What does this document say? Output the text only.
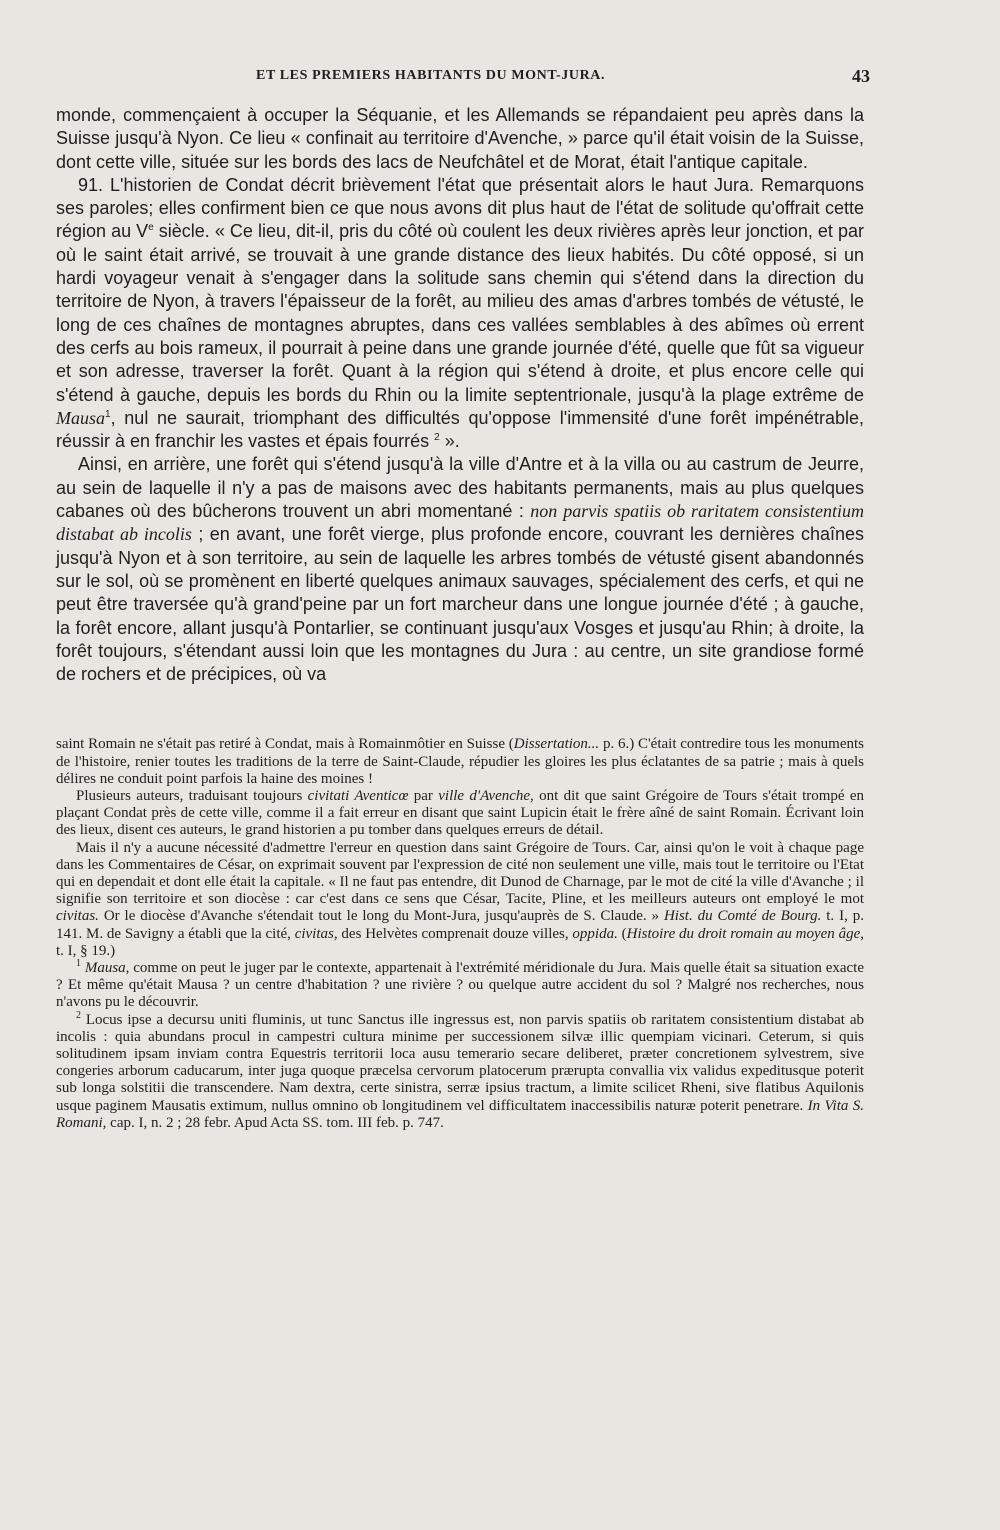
ET LES PREMIERS HABITANTS DU MONT-JURA.	43

monde, commençaient à occuper la Séquanie, et les Allemands se répandaient peu après dans la Suisse jusqu'à Nyon. Ce lieu « confinait au territoire d'Avenche, » parce qu'il était voisin de la Suisse, dont cette ville, située sur les bords des lacs de Neufchâtel et de Morat, était l'antique capitale.

91. L'historien de Condat décrit brièvement l'état que présentait alors le haut Jura. Remarquons ses paroles; elles confirment bien ce que nous avons dit plus haut de l'état de solitude qu'offrait cette région au Ve siècle. « Ce lieu, dit-il, pris du côté où coulent les deux rivières après leur jonction, et par où le saint était arrivé, se trouvait à une grande distance des lieux habités. Du côté opposé, si un hardi voyageur venait à s'engager dans la solitude sans chemin qui s'étend dans la direction du territoire de Nyon, à travers l'épaisseur de la forêt, au milieu des amas d'arbres tombés de vétusté, le long de ces chaînes de montagnes abruptes, dans ces vallées semblables à des abîmes où errent des cerfs au bois rameux, il pourrait à peine dans une grande journée d'été, quelle que fût sa vigueur et son adresse, traverser la forêt. Quant à la région qui s'étend à droite, et plus encore celle qui s'étend à gauche, depuis les bords du Rhin ou la limite septentrionale, jusqu'à la plage extrême de Mausa$^1$, nul ne saurait, triomphant des difficultés qu'oppose l'immensité d'une forêt impénétrable, réussir à en franchir les vastes et épais fourrés $^2$ ».

Ainsi, en arrière, une forêt qui s'étend jusqu'à la ville d'Antre et à la villa ou au castrum de Jeurre, au sein de laquelle il n'y a pas de maisons avec des habitants permanents, mais au plus quelques cabanes où des bûcherons trouvent un abri momentané : non parvis spatiis ob raritatem consistentium distabat ab incolis ; en avant, une forêt vierge, plus profonde encore, couvrant les dernières chaînes jusqu'à Nyon et à son territoire, au sein de laquelle les arbres tombés de vétusté gisent abandonnés sur le sol, où se promènent en liberté quelques animaux sauvages, spécialement des cerfs, et qui ne peut être traversée qu'à grand'peine par un fort marcheur dans une longue journée d'été ; à gauche, la forêt encore, allant jusqu'à Pontarlier, se continuant jusqu'aux Vosges et jusqu'au Rhin; à droite, la forêt toujours, s'étendant aussi loin que les montagnes du Jura : au centre, un site grandiose formé de rochers et de précipices, où va

saint Romain ne s'était pas retiré à Condat, mais à Romainmôtier en Suisse (Dissertation... p. 6.) C'était contredire tous les monuments de l'histoire, renier toutes les traditions de la terre de Saint-Claude, répudier les gloires les plus éclatantes de sa patrie ; mais à quels délires ne conduit point parfois la haine des moines !

Plusieurs auteurs, traduisant toujours civitati Aventicœ par ville d'Avenche, ont dit que saint Grégoire de Tours s'était trompé en plaçant Condat près de cette ville, comme il a fait erreur en disant que saint Lupicin était le frère aîné de saint Romain. Écrivant loin des lieux, disent ces auteurs, le grand historien a pu tomber dans quelques erreurs de détail.

Mais il n'y a aucune nécessité d'admettre l'erreur en question dans saint Grégoire de Tours. Car, ainsi qu'on le voit à chaque page dans les Commentaires de César, on exprimait souvent par l'expression de cité non seulement une ville, mais tout le territoire ou l'Etat qui en dependait et dont elle était la capitale. « Il ne faut pas entendre, dit Dunod de Charnage, par le mot de cité la ville d'Avanche ; il signifie son territoire et son diocèse : car c'est dans ce sens que César, Tacite, Pline, et les meilleurs auteurs ont employé le mot civitas. Or le diocèse d'Avanche s'étendait tout le long du Mont-Jura, jusqu'auprès de S. Claude. » Hist. du Comté de Bourg. t. I, p. 141. M. de Savigny a établi que la cité, civitas, des Helvètes comprenait douze villes, oppida. (Histoire du droit romain au moyen âge, t. I, § 19.)

$^1$ Mausa, comme on peut le juger par le contexte, appartenait à l'extrémité méridionale du Jura. Mais quelle était sa situation exacte ? Et même qu'était Mausa ? un centre d'habitation ? une rivière ? ou quelque autre accident du sol ? Malgré nos recherches, nous n'avons pu le découvrir.

$^2$ Locus ipse a decursu uniti fluminis, ut tunc Sanctus ille ingressus est, non parvis spatiis ob raritatem consistentium distabat ab incolis : quia abundans procul in campestri cultura minime per successionem silvæ illic quempiam vicinari. Ceterum, si quis solitudinem ipsam inviam contra Equestris territorii loca ausu temerario secare deliberet, præter concretionem sylvestrem, sive congeries arborum caducarum, inter juga quoque præcelsa cervorum platocerum prærupta convallia vix validus expeditusque poterit sub longa solstitii die transcendere. Nam dextra, certe sinistra, serræ ipsius tractum, a limite scilicet Rheni, sive flatibus Aquilonis usque paginem Mausatis extimum, nullus omnino ob longitudinem vel difficultatem inaccessibilis naturæ poterit penetrare. In Vita S. Romani, cap. I, n. 2 ; 28 febr. Apud Acta SS. tom. III feb. p. 747.
